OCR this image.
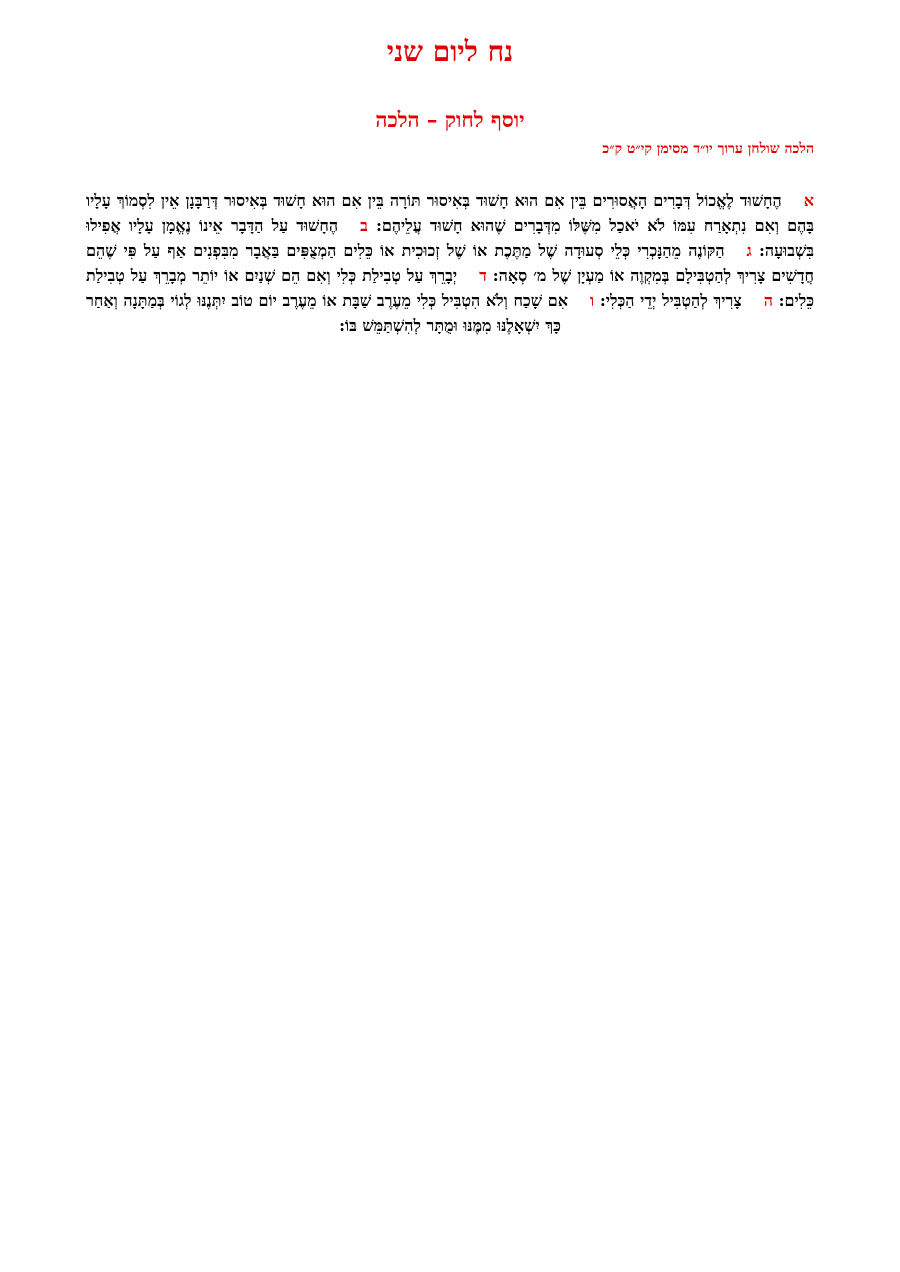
נח ליום שני
יוסף לחוק – הלכה
הלכה שולחן ערוך יו״ד מסימן קי״ט ק״כ
אהֶחָשׁוּד לֶאֱכוֹל דְּבָרִים הָאֲסוּרִים בֵּין אִם הוּא חָשׁוּד בְּאִיסוּר תּוֹרָה בֵּין אִם הוּא חָשׁוּד בְּאִיסוּר דְּרַבָּנָן אֵין לִסְמוֹךְ עָלָיו בָּהֶם וְאִם נִתְאָרַח עִמּוֹ לֹא יֹאכַל מִשֶּׁלּוֹ מִדְּבָרִים שֶׁהוּא חָשׁוּד עֲלֵיהֶם: בהֶחָשׁוּד עַל הַדָּבָר אֵינוֹ נֶאֱמָן עָלָיו אֲפִילוּ בִּשְׁבוּעָה: גהַקּוֹנֶה מֵהַנָּכְרִי כְּלֵי סְעוּדָה שֶׁל מַתֶּכֶת אוֹ שֶׁל זְכוּכִית אוֹ כֵּלִים הַמְצֻפִּים בַּאֲבָר מִבִּפְנִים אַף עַל פִּי שֶׁהֵם חֲדָשִׁים צָרִיךְ לְהַטְבִּילָם בְּמִקְוֶה אוֹ מַעְיָן שֶׁל מ׳ סְאָה: דיְבָרֵךְ עַל טְבִילַת כְּלִי וְאִם הֵם שְׁנַיִם אוֹ יוֹתֵר מְבָרֵךְ עַל טְבִילַת כֵּלִים: הצָרִיךְ לְהַטְבִּיל יְדֵי הַכְּלִי: ואִם שָׁכַח וְלֹא הִטְבִּיל כְּלִי מֵעֶרֶב שַׁבָּת אוֹ מֵעֶרֶב יוֹם טוֹב יִתְּנֶנּוּ לְגוֹי בְּמַתָּנָה וְאַחַר כָּךְ יִשְׁאָלֶנּוּ מִמֶּנּוּ וּמֻתָּר לְהִשְׁתַּמֵּשׁ בּוֹ:
